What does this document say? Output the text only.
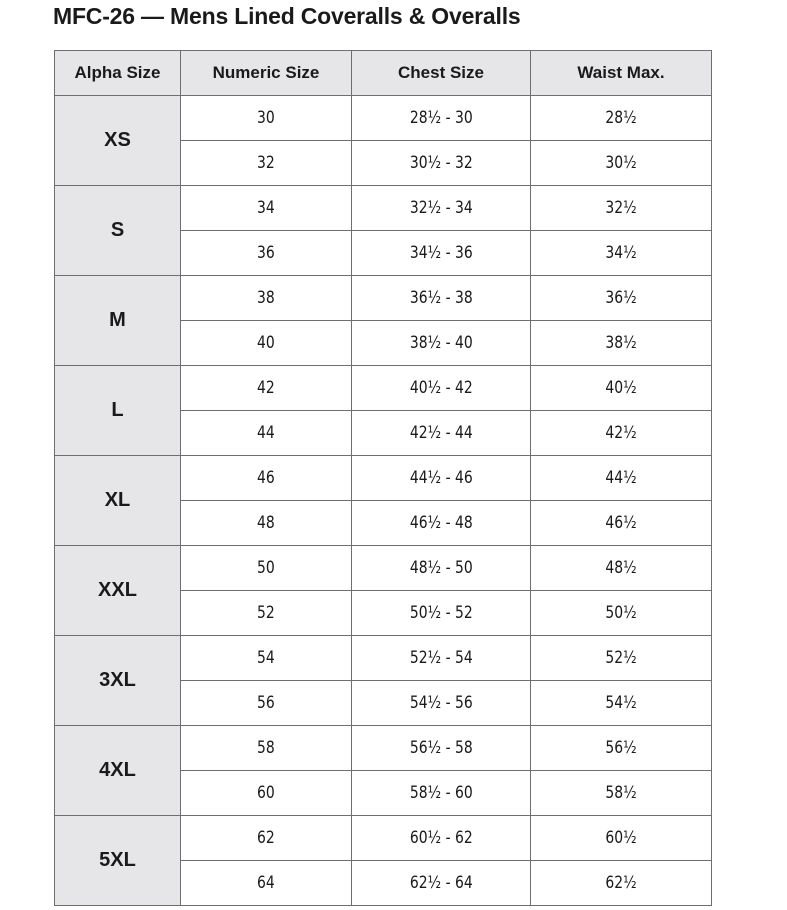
MFC-26 — Mens Lined Coveralls & Overalls
Alpha Size	Numeric Size	Chest Size	Waist Max.
XS	30	28½ - 30	28½
	32	30½ - 32	30½
S	34	32½ - 34	32½
	36	34½ - 36	34½
M	38	36½ - 38	36½
	40	38½ - 40	38½
L	42	40½ - 42	40½
	44	42½ - 44	42½
XL	46	44½ - 46	44½
	48	46½ - 48	46½
XXL	50	48½ - 50	48½
	52	50½ - 52	50½
3XL	54	52½ - 54	52½
	56	54½ - 56	54½
4XL	58	56½ - 58	56½
	60	58½ - 60	58½
5XL	62	60½ - 62	60½
	64	62½ - 64	62½
